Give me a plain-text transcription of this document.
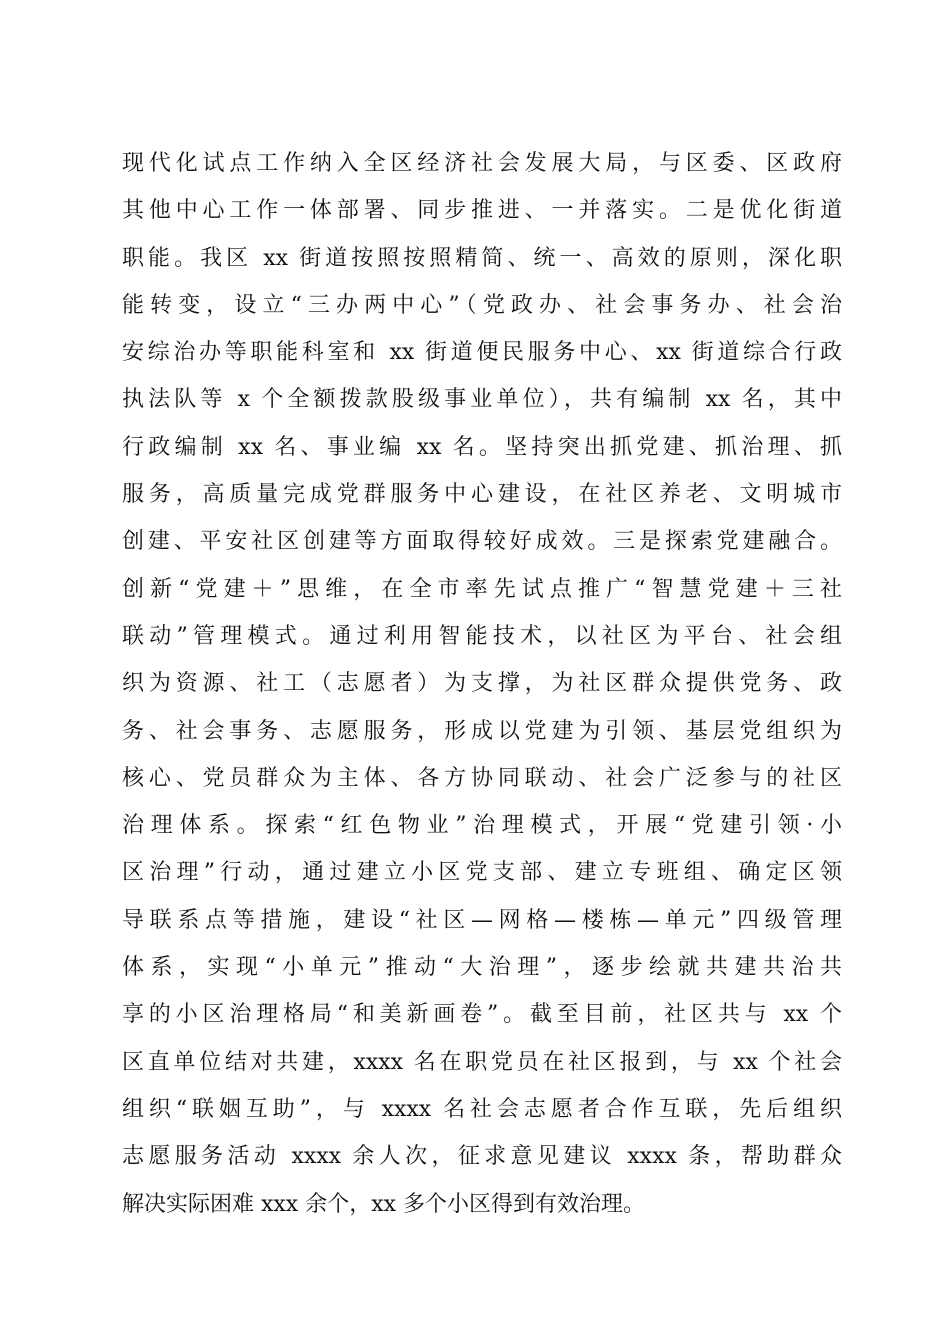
现代化试点工作纳入全区经济社会发展大局，与区委、区政府
其他中心工作一体部署、同步推进、一并落实。二是优化街道
职能。我区 xx 街道按照按照精简、统一、高效的原则，深化职
能转变，设立“三办两中心”（党政办、社会事务办、社会治
安综治办等职能科室和 xx 街道便民服务中心、xx 街道综合行政
执法队等 x 个全额拨款股级事业单位），共有编制 xx 名，其中
行政编制 xx 名、事业编 xx 名。坚持突出抓党建、抓治理、抓
服务，高质量完成党群服务中心建设，在社区养老、文明城市
创建、平安社区创建等方面取得较好成效。三是探索党建融合。
创新“党建＋”思维，在全市率先试点推广“智慧党建＋三社
联动”管理模式。通过利用智能技术，以社区为平台、社会组
织为资源、社工（志愿者）为支撑，为社区群众提供党务、政
务、社会事务、志愿服务，形成以党建为引领、基层党组织为
核心、党员群众为主体、各方协同联动、社会广泛参与的社区
治理体系。探索“红色物业”治理模式，开展“党建引领·小
区治理”行动，通过建立小区党支部、建立专班组、确定区领
导联系点等措施，建设“社区—网格—楼栋—单元”四级管理
体系，实现“小单元”推动“大治理”，逐步绘就共建共治共
享的小区治理格局“和美新画卷”。截至目前，社区共与 xx 个
区直单位结对共建，xxxx 名在职党员在社区报到，与 xx 个社会
组织“联姻互助”，与 xxxx 名社会志愿者合作互联，先后组织
志愿服务活动 xxxx 余人次，征求意见建议 xxxx 条，帮助群众
解决实际困难 xxx 余个，xx 多个小区得到有效治理。
